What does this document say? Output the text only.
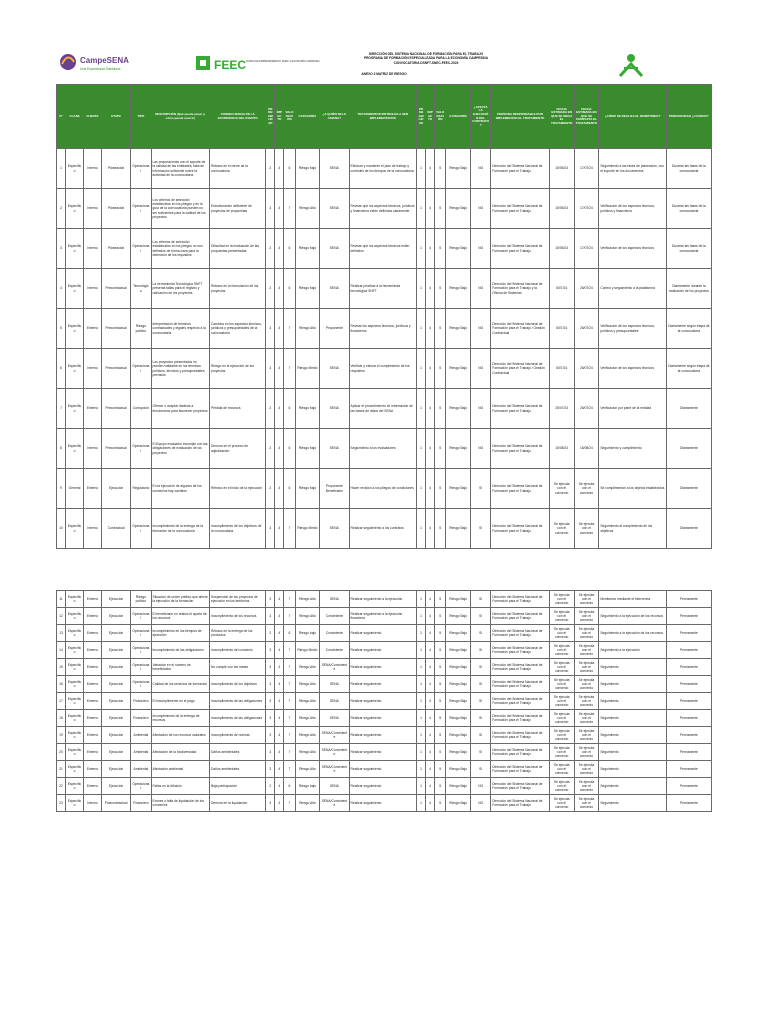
CampeSENA
Una Experiencia Sabiduría	FEEC FONDO DE EMPRENDIMIENTO PARA LA ECONOMÍA CAMPESINA
DIRECCIÓN DEL SISTEMA NACIONAL DE FORMACIÓN PARA EL TRABAJO
PROGRAMA DE FORMACIÓN ESPECIALIZADA PARA LA ECONOMÍA CAMPESINA
CONVOCATORIA DSNFT-SNEC-FEEC-2024
ANEXO 3 MATRIZ DE RIESGO
N°	CLASE	FUENTE	ETAPA	TIPO	DESCRIPCIÓN (Qué puede pasar y, cómo puede ocurrir)	CONSECUENCIA DE LA OCURRENCIA DEL EVENTO	PROBABILIDAD	IMPACTO	VALORACIÓN	CATEGORÍA	¿A QUIÉN SE LE ASIGNA?	TRATAMIENTO/CONTROLES A SER IMPLEMENTADOS	PROBABILIDAD	IMPACTO	VALORACIÓN	CATEGORÍA	¿AFECTA LA EJECUCIÓN DEL CONTRATO?	PERSONA RESPONSABLE POR IMPLEMENTAR EL TRATAMIENTO	FECHA ESTIMADA EN QUE SE INICIA EL TRATAMIENTO	FECHA ESTIMADA EN QUE SE COMPLETA EL TRATAMIENTO	¿CÓMO SE REALIZA EL MONITOREO?	PERIODICIDAD ¿CUÁNDO?
1	Específico	Interno	Planeación	Operacional	Las proposiciones con el soporte de la calidad de las entidades, falta de información suficiente sobre la actividad de la convocatoria	Retraso en el cierre de la convocatoria	2	4	6	Riesgo bajo	SENA	Efectuar y mantener el plan de trabajo y controles de los tiempos de la convocatoria	1	4	5	Riesgo Bajo	NO	Dirección del Sistema Nacional de Formación para el Trabajo	15/05/24	17/07/24	Seguimiento a las fases de planeación, con el soporte en los documentos	Durante las fases de la convocatoria
2	Específico	Interno	Planeación	Operacional	Los criterios de selección establecidos en los pliegos y en la guía de la convocatoria pueden no ser suficientes para la calidad de los proyectos	Estructuración deficiente de proyectos de propuestas	3	4	7	Riesgo Alto	SENA	Revisar que los aspectos técnicos, jurídicos y financieros estén definidos claramente	1	4	5	Riesgo Bajo	NO	Dirección del Sistema Nacional de Formación para el Trabajo	15/05/24	17/07/24	Verificación de los aspectos técnicos, jurídicos y financieros	Durante las fases de la convocatoria
3	Específico	Interno	Planeación	Operacional	Los criterios de selección establecidos en los pliegos no son definidos de forma clara para la obtención de los requisitos	Dificultad en la evaluación de las propuestas presentadas	2	4	6	Riesgo bajo	SENA	Revisar que los aspectos técnicos estén definidos	1	4	5	Riesgo Bajo	NO	Dirección del Sistema Nacional de Formación para el Trabajo	15/05/24	17/07/24	Verificación de los aspectos técnicos	Durante las fases de la convocatoria
4	Específico	Interno	Precontractual	Tecnológico	La herramienta Tecnológica SNFT presenta fallas para el registro y radicación de los proyectos	Retraso en la formulación de los proyectos	2	4	6	Riesgo bajo	SENA	Realizar pruebas a la herramienta tecnológica SNFT	1	4	5	Riesgo Bajo	NO	Dirección del Sistema Nacional de Formación para el Trabajo y la Oficina de Sistemas	6/07/24	26/07/24	Control y seguimiento a la plataforma	Diariamente durante la radicación de los proyectos
5	Específico	Externo	Precontractual	Riesgo político	Interpretación de términos contractuales y legales respecto a la convocatoria	Cambios en los aspectos técnicos, jurídicos y presupuestales de la convocatoria	3	4	7	Riesgo Alto	Proponente	Revisar los aspectos técnicos, jurídicos y financieros	1	4	5	Riesgo Bajo	NO	Dirección del Sistema Nacional de Formación para el Trabajo / Gestión Contractual	6/07/24	26/07/24	Verificación de los aspectos técnicos, jurídicos y presupuestales	Diariamente según etapa de la convocatoria
6	Específico	Interno	Precontractual	Operacional	Los proyectos presentados no pueden validarse en los términos jurídicos, técnicos y presupuestales previstos	Riesgo en la ejecución de los proyectos	3	4	7	Riesgo Medio	SENA	Verificar y valorar el cumplimiento de los requisitos	1	4	5	Riesgo Bajo	NO	Dirección del Sistema Nacional de Formación para el Trabajo / Gestión Contractual	6/07/24	26/07/24	Verificación de los aspectos técnicos	Diariamente según etapa de la convocatoria
7	Específico	Externo	Precontractual	Corrupción	Ofrecer o aceptar dádivas a funcionarios para favorecer proyectos	Pérdida de recursos	2	4	6	Riesgo bajo	SENA	Aplicar el procedimiento de información de las bases de datos del SENA	1	4	5	Riesgo Bajo	NO	Dirección del Sistema Nacional de Formación para el Trabajo	25/07/24	26/07/24	Verificación por parte de la entidad	Diariamente
8	Específico	Interno	Precontractual	Operacional	El Equipo evaluador incumple con las obligaciones de evaluación de los proyectos	Demora en el proceso de adjudicación	2	4	6	Riesgo bajo	SENA	Seguimiento a los evaluadores	1	4	5	Riesgo Bajo	NO	Dirección del Sistema Nacional de Formación para el Trabajo	15/08/24	16/08/24	Seguimiento y cumplimiento	Diariamente
9	General	Externo	Ejecución	Regulatorio	En la ejecución de algunos de los convenios hay cambios	Retraso en el inicio de la ejecución	2	4	6	Riesgo bajo	Proponente Beneficiario	Hacer revisión a los pliegos de condiciones	1	4	5	Riesgo Bajo	Sí	Dirección del Sistema Nacional de Formación para el Trabajo	Se ejecuta con el convenio	Se ejecuta con el convenio	Se cumplimentan a los objetos establecidos	Diariamente
10	Específico	Interno	Contractual	Operacional	Incumplimiento de la entrega de la formación de la convocatoria	Incumplimiento de los objetivos de la convocatoria	3	4	7	Riesgo Medio	SENA	Realizar seguimiento a los contratos	1	4	5	Riesgo Bajo	Sí	Dirección del Sistema Nacional de Formación para el Trabajo	Se ejecuta con el convenio	Se ejecuta con el convenio	Seguimiento al cumplimiento de los objetivos	Diariamente
11	Específico	Externo	Ejecución	Riesgo político	Situación de orden público que afecte la ejecución de la formación	Suspensión de los proyectos de ejecución en los territorios	3	4	7	Riesgo Alto	SENA	Realizar seguimiento a la ejecución	1	4	5	Riesgo Bajo	Sí	Dirección del Sistema Nacional de Formación para el Trabajo	Se ejecuta con el convenio	Se ejecuta con el convenio	Monitorear mediante el interventor	Permanente
12	Específico	Externo	Ejecución	Operacional	El beneficiario no realiza el aporte de los recursos	Incumplimiento de los recursos	3	4	7	Riesgo Alto	Conviniente	Realizar seguimiento a la ejecución financiera	1	4	5	Riesgo Bajo	Sí	Dirección del Sistema Nacional de Formación para el Trabajo	Se ejecuta con el convenio	Se ejecuta con el convenio	Seguimiento a la ejecución de los recursos	Permanente
13	Específico	Externo	Ejecución	Operacional	Incumplimiento en los tiempos de ejecución	Retraso en la entrega de los productos	2	4	6	Riesgo bajo	Conviniente	Realizar seguimiento	1	4	5	Riesgo Bajo	Sí	Dirección del Sistema Nacional de Formación para el Trabajo	Se ejecuta con el convenio	Se ejecuta con el convenio	Seguimiento a la ejecución de los recursos	Permanente
14	Específico	Externo	Ejecución	Operacional	Incumplimiento de las obligaciones	Incumplimiento del convenio	3	4	7	Riesgo Medio	Conviniente	Realizar seguimiento	1	4	5	Riesgo Bajo	Sí	Dirección del Sistema Nacional de Formación para el Trabajo	Se ejecuta con el convenio	Se ejecuta con el convenio	Seguimiento a la ejecución	Permanente
15	Específico	Externo	Ejecución	Operacional	Variación en el número de beneficiarios	No cumplir con las metas	3	4	7	Riesgo Alto	SENA/Conviniente	Realizar seguimiento	1	4	5	Riesgo Bajo	Sí	Dirección del Sistema Nacional de Formación para el Trabajo	Se ejecuta con el convenio	Se ejecuta con el convenio	Seguimiento	Permanente
16	Específico	Externo	Ejecución	Operacional	Calidad de los servicios de formación	Incumplimiento de los objetivos	3	4	7	Riesgo Alto	SENA	Realizar seguimiento	1	4	5	Riesgo Bajo	Sí	Dirección del Sistema Nacional de Formación para el Trabajo	Se ejecuta con el convenio	Se ejecuta con el convenio	Seguimiento	Permanente
17	Específico	Externo	Ejecución	Financiero	El incumplimiento en el pago	Incumplimiento de las obligaciones	3	4	7	Riesgo Alto	SENA	Realizar seguimiento	1	4	5	Riesgo Bajo	Sí	Dirección del Sistema Nacional de Formación para el Trabajo	Se ejecuta con el convenio	Se ejecuta con el convenio	Seguimiento	Permanente
18	Específico	Externo	Ejecución	Financiero	Incumplimiento de la entrega de recursos	Incumplimiento de las obligaciones	3	4	7	Riesgo Alto	SENA	Realizar seguimiento	1	4	5	Riesgo Bajo	Sí	Dirección del Sistema Nacional de Formación para el Trabajo	Se ejecuta con el convenio	Se ejecuta con el convenio	Seguimiento	Permanente
19	Específico	Externo	Ejecución	Ambiental	Afectación de los recursos naturales	Incumplimiento de normas	3	4	7	Riesgo Alto	SENA/Conviniente	Realizar seguimiento	1	4	5	Riesgo Bajo	Sí	Dirección del Sistema Nacional de Formación para el Trabajo	Se ejecuta con el convenio	Se ejecuta con el convenio	Seguimiento	Permanente
20	Específico	Externo	Ejecución	Ambiental	Afectación de la biodiversidad	Daños ambientales	3	4	7	Riesgo Alto	SENA/Conviniente	Realizar seguimiento	1	4	5	Riesgo Bajo	Sí	Dirección del Sistema Nacional de Formación para el Trabajo	Se ejecuta con el convenio	Se ejecuta con el convenio	Seguimiento	Permanente
21	Específico	Externo	Ejecución	Ambiental	Afectación ambiental	Daños ambientales	3	4	7	Riesgo Alto	SENA/Conviniente	Realizar seguimiento	1	4	5	Riesgo Bajo	Sí	Dirección del Sistema Nacional de Formación para el Trabajo	Se ejecuta con el convenio	Se ejecuta con el convenio	Seguimiento	Permanente
22	Específico	Externo	Ejecución	Operacional	Fallas en la difusión	Baja participación	2	4	6	Riesgo bajo	SENA	Realizar seguimiento	1	4	5	Riesgo Bajo	NO	Dirección del Sistema Nacional de Formación para el Trabajo	Se ejecuta con el convenio	Se ejecuta con el convenio	Seguimiento	Permanente
23	Específico	Interno	Postcontractual	Financiero	Errores o falta de liquidación de los convenios	Demora en la liquidación	3	4	7	Riesgo Alto	SENA/Conviniente	Realizar seguimiento	1	4	5	Riesgo Bajo	NO	Dirección del Sistema Nacional de Formación para el Trabajo	Se ejecuta con el convenio	Se ejecuta con el convenio	Seguimiento	Permanente
